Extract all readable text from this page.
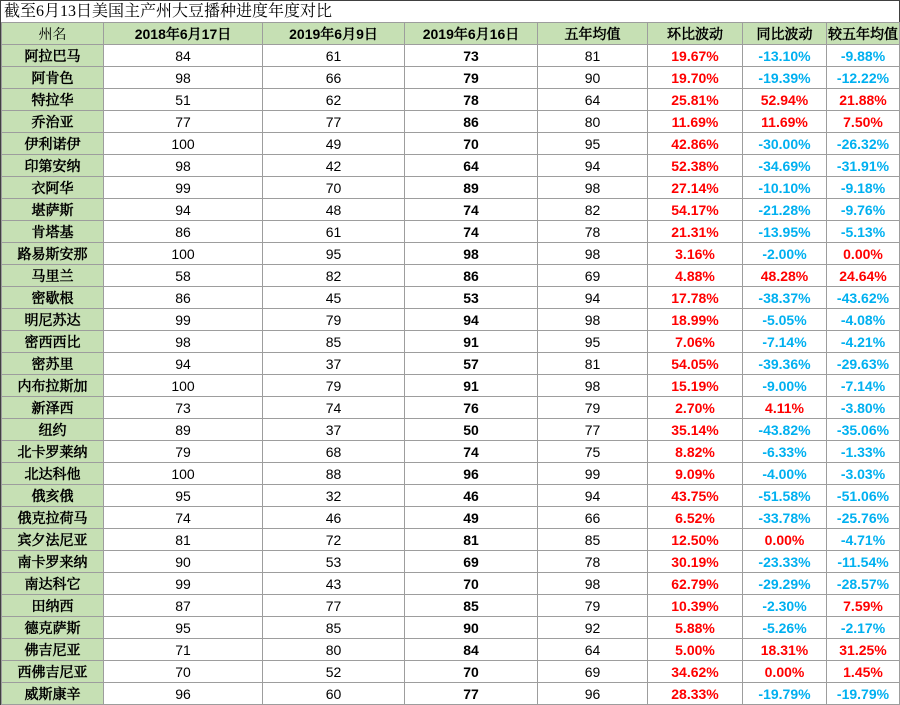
截至6月13日美国主产州大豆播种进度年度对比
州名	2018年6月17日	2019年6月9日	2019年6月16日	五年均值	环比波动	同比波动	较五年均值
阿拉巴马	84	61	73	81	19.67%	-13.10%	-9.88%
阿肯色	98	66	79	90	19.70%	-19.39%	-12.22%
特拉华	51	62	78	64	25.81%	52.94%	21.88%
乔治亚	77	77	86	80	11.69%	11.69%	7.50%
伊利诺伊	100	49	70	95	42.86%	-30.00%	-26.32%
印第安纳	98	42	64	94	52.38%	-34.69%	-31.91%
衣阿华	99	70	89	98	27.14%	-10.10%	-9.18%
堪萨斯	94	48	74	82	54.17%	-21.28%	-9.76%
肯塔基	86	61	74	78	21.31%	-13.95%	-5.13%
路易斯安那	100	95	98	98	3.16%	-2.00%	0.00%
马里兰	58	82	86	69	4.88%	48.28%	24.64%
密歇根	86	45	53	94	17.78%	-38.37%	-43.62%
明尼苏达	99	79	94	98	18.99%	-5.05%	-4.08%
密西西比	98	85	91	95	7.06%	-7.14%	-4.21%
密苏里	94	37	57	81	54.05%	-39.36%	-29.63%
内布拉斯加	100	79	91	98	15.19%	-9.00%	-7.14%
新泽西	73	74	76	79	2.70%	4.11%	-3.80%
纽约	89	37	50	77	35.14%	-43.82%	-35.06%
北卡罗莱纳	79	68	74	75	8.82%	-6.33%	-1.33%
北达科他	100	88	96	99	9.09%	-4.00%	-3.03%
俄亥俄	95	32	46	94	43.75%	-51.58%	-51.06%
俄克拉荷马	74	46	49	66	6.52%	-33.78%	-25.76%
宾夕法尼亚	81	72	81	85	12.50%	0.00%	-4.71%
南卡罗来纳	90	53	69	78	30.19%	-23.33%	-11.54%
南达科它	99	43	70	98	62.79%	-29.29%	-28.57%
田纳西	87	77	85	79	10.39%	-2.30%	7.59%
德克萨斯	95	85	90	92	5.88%	-5.26%	-2.17%
佛吉尼亚	71	80	84	64	5.00%	18.31%	31.25%
西佛吉尼亚	70	52	70	69	34.62%	0.00%	1.45%
威斯康辛	96	60	77	96	28.33%	-19.79%	-19.79%
